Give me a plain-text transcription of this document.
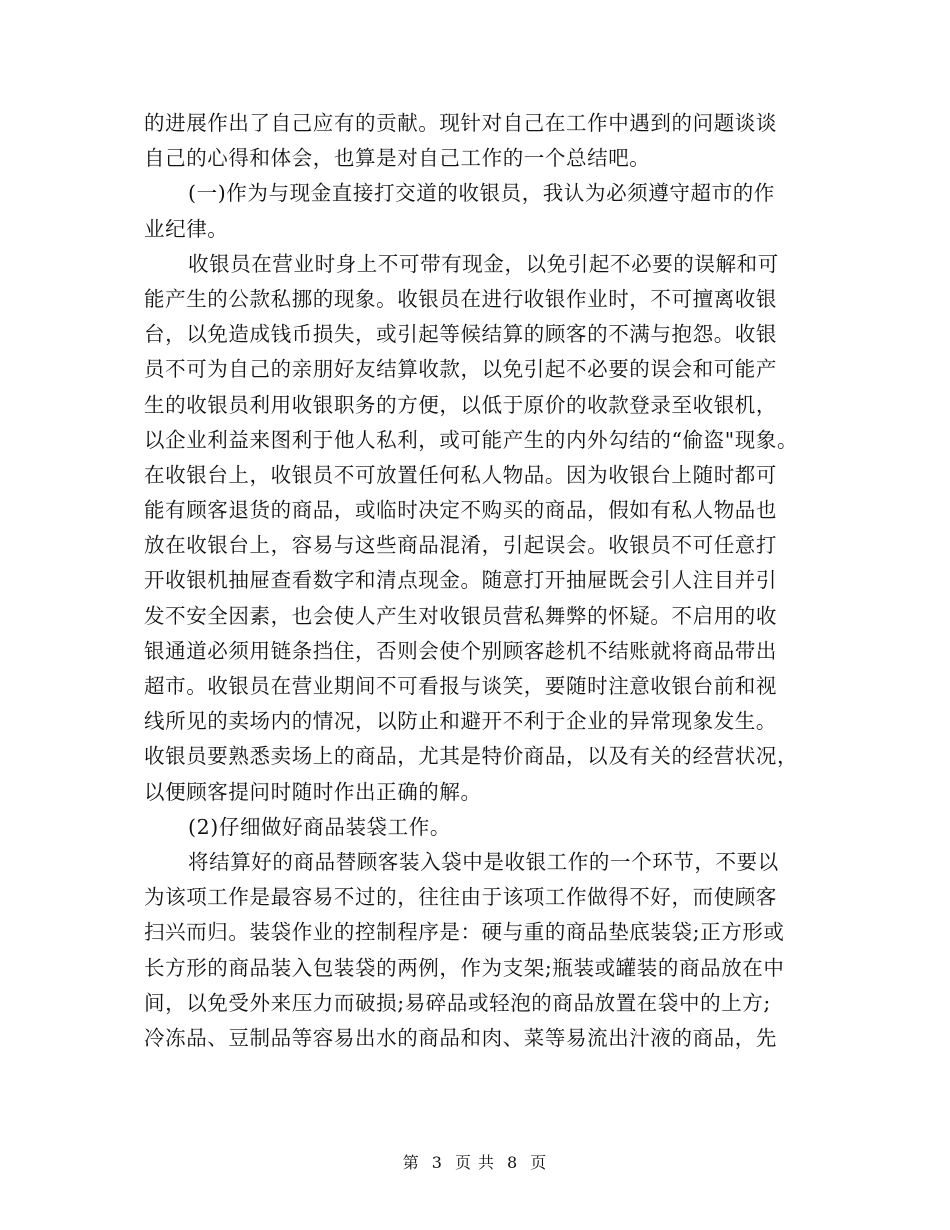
的进展作出了自己应有的贡献。现针对自己在工作中遇到的问题谈谈
自己的心得和体会，也算是对自己工作的一个总结吧。
(一)作为与现金直接打交道的收银员，我认为必须遵守超市的作
业纪律。
收银员在营业时身上不可带有现金，以免引起不必要的误解和可
能产生的公款私挪的现象。收银员在进行收银作业时，不可擅离收银
台，以免造成钱币损失，或引起等候结算的顾客的不满与抱怨。收银
员不可为自己的亲朋好友结算收款，以免引起不必要的误会和可能产
生的收银员利用收银职务的方便，以低于原价的收款登录至收银机，
以企业利益来图利于他人私利，或可能产生的内外勾结的“偷盗"现象。
在收银台上，收银员不可放置任何私人物品。因为收银台上随时都可
能有顾客退货的商品，或临时决定不购买的商品，假如有私人物品也
放在收银台上，容易与这些商品混淆，引起误会。收银员不可任意打
开收银机抽屉查看数字和清点现金。随意打开抽屉既会引人注目并引
发不安全因素，也会使人产生对收银员营私舞弊的怀疑。不启用的收
银通道必须用链条挡住，否则会使个别顾客趁机不结账就将商品带出
超市。收银员在营业期间不可看报与谈笑，要随时注意收银台前和视
线所见的卖场内的情况，以防止和避开不利于企业的异常现象发生。
收银员要熟悉卖场上的商品，尤其是特价商品，以及有关的经营状况，
以便顾客提问时随时作出正确的解。
(2)仔细做好商品装袋工作。
将结算好的商品替顾客装入袋中是收银工作的一个环节，不要以
为该项工作是最容易不过的，往往由于该项工作做得不好，而使顾客
扫兴而归。装袋作业的控制程序是：硬与重的商品垫底装袋;正方形或
长方形的商品装入包装袋的两例，作为支架;瓶装或罐装的商品放在中
间，以免受外来压力而破损;易碎品或轻泡的商品放置在袋中的上方;
冷冻品、豆制品等容易出水的商品和肉、菜等易流出汁液的商品，先
第 3 页 共 8 页
